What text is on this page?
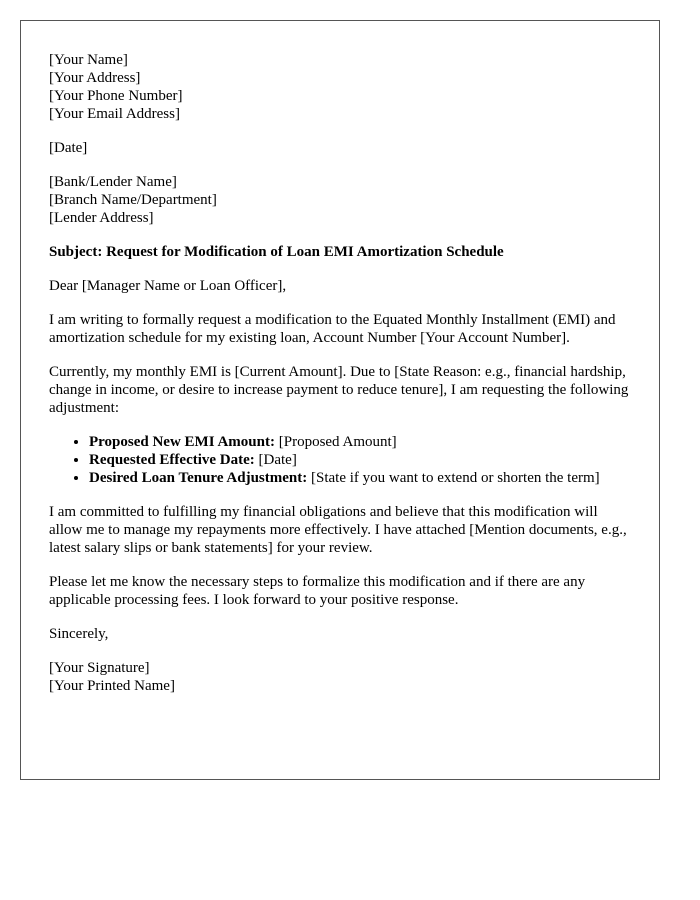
[Your Name]
[Your Address]
[Your Phone Number]
[Your Email Address]

[Date]

[Bank/Lender Name]
[Branch Name/Department]
[Lender Address]

Subject: Request for Modification of Loan EMI Amortization Schedule

Dear [Manager Name or Loan Officer],

I am writing to formally request a modification to the Equated Monthly Installment (EMI) and amortization schedule for my existing loan, Account Number [Your Account Number].

Currently, my monthly EMI is [Current Amount]. Due to [State Reason: e.g., financial hardship, change in income, or desire to increase payment to reduce tenure], I am requesting the following adjustment:

• Proposed New EMI Amount: [Proposed Amount]
• Requested Effective Date: [Date]
• Desired Loan Tenure Adjustment: [State if you want to extend or shorten the term]

I am committed to fulfilling my financial obligations and believe that this modification will allow me to manage my repayments more effectively. I have attached [Mention documents, e.g., latest salary slips or bank statements] for your review.

Please let me know the necessary steps to formalize this modification and if there are any applicable processing fees. I look forward to your positive response.

Sincerely,

[Your Signature]
[Your Printed Name]
